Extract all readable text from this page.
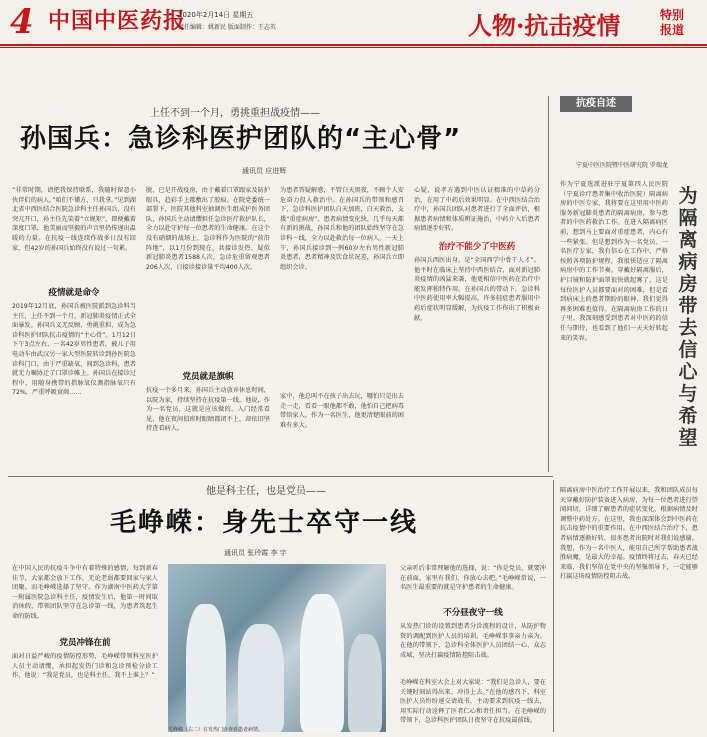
4 中国中医药报
2020年2月14日 星期五
责任编辑：姚新民 版面制作：王志英	人物·抗击疫情	特别报道
上任不到一个月，勇挑重担战疫情——
孙国兵：急诊科医护团队的“主心骨”
通讯员 应进辉
“非常时期，请把我保持联系，我随时留意小伙伴们的病人。”咱们不懂方，只我拿。”见到湖北省中西医结合医院急诊科主任孙国兵，没有突兀开口，孙主任先笑着“立规矩”，即便戴着深度口罩，他美丽而坚毅的声音里仍传递出温暖的力量。在抗疫一线连续作战多日没有回家，但42岁的孙国兵始终没有说过一句累。
疫情就是命令
2019年12月底，孙国兵被医院派到急诊科当主任，上任不到一个月，新冠肺炎疫情正式全面暴发。孙国兵义无反顾，勇挑重担，成为急诊科医护团队抗击疫情的“主心骨”。1月12日下午3点左右，一名42岁男性患者，被儿子用电动车由武汉另一家大型医院转诊到孙医院急诊科门口，由于严重缺氧，间到急诊科，患者就无力嘱协迁了口罩诊帷上。孙国兵在接诊过程中，用随身携带的指脉氧仪测指脉氧只有72%，严重呼吸衰竭……
脱，已是开战疫房，由于戴着口罩跟家及防护眼具，趋彩手上都敷出了胶痕。在院党委统一部署下，医院其他科室抽调医生组成护医务团队，孙国兵主动请缨担任急诊医疗救护队长，全力以赴守护每一位患者的生命健康。在这个没有硝烟的战场上，急诊科作为医院的“前沿阵地”，以1月份到现在，共接诊发热、疑似新冠肺炎患者1588人次，急诊危重留观患者206人次，日接诊接诊量平均400人次。
党员就是旗帜
抗疫一个多月来，孙国兵主动放弃休息时间，以院为家，持续坚持在抗疫第一线。他说，作为一名党员，这就是应该做的。入门经常看见，他在夜间值班时眼睛都闭不上，却依旧坚持查看病人。
为患者答疑解惑，不管白天黑夜，不顾个人安危奋力投入救治中。在孙国兵的带领和感召下，急诊科医护团队白天加班，白天救治，支援“重症病房”。患者病情变化快，几乎每天都有新的挑战，孙国兵和他的团队始终坚守在急诊科一线，全力以赴救治每一位病人。一天上午，孙国兵接诊到一例60岁左右男性新冠肺炎患者，患者精神及饮食状况差，孙国兵立即组织会诊。
家中，他总叫不在孩子出去玩，哪怕只是出去走一走，看看一眼他都不敢，他怕自己把病毒带给家人。作为一名医生，他更清楚眼前的困难有多大。
心疑，说孝方遇到中医认证精准的中草药分治，在用了中药后效果明显。在中西医结合治疗中，孙国兵团队对患者进行了全面评估，根据患者病情和体质辨证施治，中药介入后患者病情逐步好转。
治疗不能少了中医药
孙国兵西医出身，是“全国西学中骨干人才”。他平时在临床上坚持中西医结合，面对新冠肺炎疫情的凶猛来袭，他更相信中医药在治疗中能发挥独特作用。在孙国兵的带动下，急诊科中医药使用率大幅提高，许多轻症患者服用中药后症状明显缓解，为抗疫工作作出了积极贡献。
抗疫自述
宁夏中医医院暨中医研究院 罗瑞龙
为隔离病房带去信心与希望
作为宁夏选派进驻宁夏第四人民医院（宁夏诊疗患者集中收治医院）隔离病房的中医专家，我将要在这里用中医药服务新冠肺炎患者的隔离病房，参与患者的中医药救治工作。在进入隔离病区前，想到马上要面对重症患者，内心有一些紧张。但是想到作为一名党员、一名医疗专家，我有信心在工作中，严格按照各项防护规程，我很快适应了隔离病房中的工作节奏。穿戴好隔离服后，护目镜和防护面罩很快就起雾了，这是每位医护人员都要面对的困难，但是看到病床上的患者期盼的眼神，我们觉得再多困难也值得。在隔离病房工作的日子里，我深刻感受到患者对中医药的信任与期待，也看到了他们一天天好转起来的笑容。
隔离病房中医治疗工作开展以来，我和团队成员每天穿戴好防护装备进入病房，为每一位患者进行望闻问切，详细了解患者的症状变化，根据病情及时调整中药处方。在这里，我也深深体会到中医药在抗击疫情中的重要作用。在中西医结合治疗下，患者病情逐渐好转，很多患者出院时对我们说感谢。我想，作为一名中医人，能用自己所学帮助患者战胜病魔，是最大的幸福。疫情终将过去，春天已经来临，我们坚信在党中央的坚强领导下，一定能够打赢这场疫情防控阻击战。
他是科主任，也是党员——
毛峥嵘：身先士卒守一线
通讯员 张玲霞 李 宇
在中国人民的抗疫斗争中有着特殊的感情，每到新春佳节，大家都会放下工作，无论老弱都要回家与家人团聚。而毛峥嵘选择了坚守。作为湖南中医药大学第一附属医院急诊科主任，疫情发生后，他第一时间取消休假，带领团队坚守在急诊第一线，为患者筑起生命的防线。
党员冲锋在前
面对日益严峻的疫情防控形势，毛峥嵘带领科室医护人员主动请缨，承担起发热门诊和急诊预检分诊工作，他说：“我是党员，也是科主任，我不上谁上？”
毛峥嵘（右二）在发热门诊查看患者病情。
父亲听后非常理解他的选择，说：“你是党员，就要冲在前面，家里有我们，你放心去吧。”毛峥嵘常说，一名医生最重要的就是守护患者的生命健康。
不分昼夜守一线
从发热门诊的设置到患者分诊流程的设计，从防护物资的调配到医护人员的培训，毛峥嵘事事亲力亲为。在他的带领下，急诊科全体医护人员团结一心、众志成城，坚决打赢疫情防控阻击战。
毛峥嵘在科室大会上对大家说：“我们是急诊人，要在关键时刻站得出来、冲得上去。”在他的感召下，科室医护人员纷纷递交请战书，主动要求到抗疫一线去，用实际行动诠释了医者仁心和责任担当。在毛峥嵘的带领下，急诊科医护团队日夜坚守在抗疫最前线。
